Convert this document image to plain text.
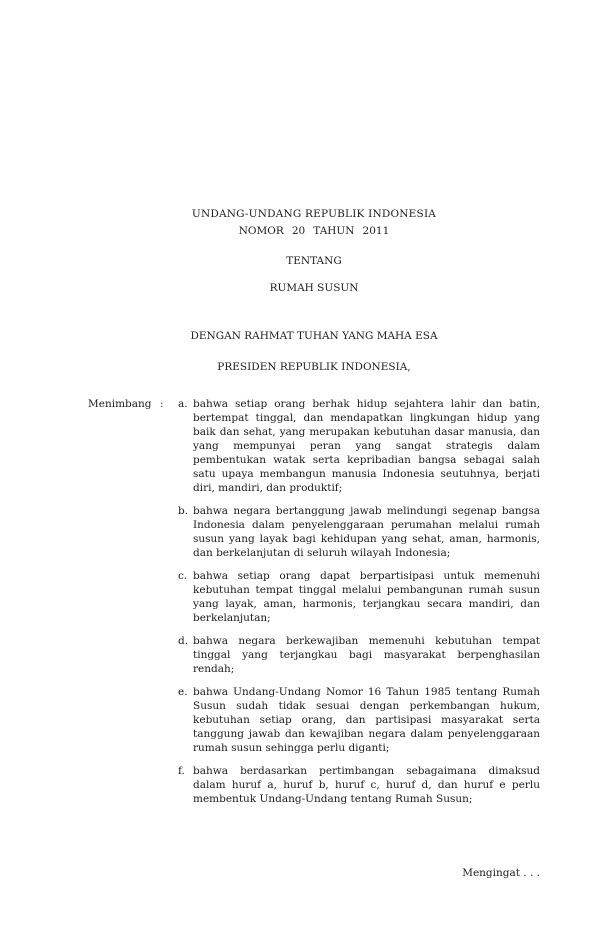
UNDANG-UNDANG REPUBLIK INDONESIA
NOMOR 20 TAHUN 2011
TENTANG
RUMAH SUSUN
DENGAN RAHMAT TUHAN YANG MAHA ESA
PRESIDEN REPUBLIK INDONESIA,
Menimbang :	a. bahwa setiap orang berhak hidup sejahtera lahir dan batin, bertempat tinggal, dan mendapatkan lingkungan hidup yang baik dan sehat, yang merupakan kebutuhan dasar manusia, dan yang mempunyai peran yang sangat strategis dalam pembentukan watak serta kepribadian bangsa sebagai salah satu upaya membangun manusia Indonesia seutuhnya, berjati diri, mandiri, dan produktif;
b. bahwa negara bertanggung jawab melindungi segenap bangsa Indonesia dalam penyelenggaraan perumahan melalui rumah susun yang layak bagi kehidupan yang sehat, aman, harmonis, dan berkelanjutan di seluruh wilayah Indonesia;
c. bahwa setiap orang dapat berpartisipasi untuk memenuhi kebutuhan tempat tinggal melalui pembangunan rumah susun yang layak, aman, harmonis, terjangkau secara mandiri, dan berkelanjutan;
d. bahwa negara berkewajiban memenuhi kebutuhan tempat tinggal yang terjangkau bagi masyarakat berpenghasilan rendah;
e. bahwa Undang-Undang Nomor 16 Tahun 1985 tentang Rumah Susun sudah tidak sesuai dengan perkembangan hukum, kebutuhan setiap orang, dan partisipasi masyarakat serta tanggung jawab dan kewajiban negara dalam penyelenggaraan rumah susun sehingga perlu diganti;
f. bahwa berdasarkan pertimbangan sebagaimana dimaksud dalam huruf a, huruf b, huruf c, huruf d, dan huruf e perlu membentuk Undang-Undang tentang Rumah Susun;
Mengingat . . .
